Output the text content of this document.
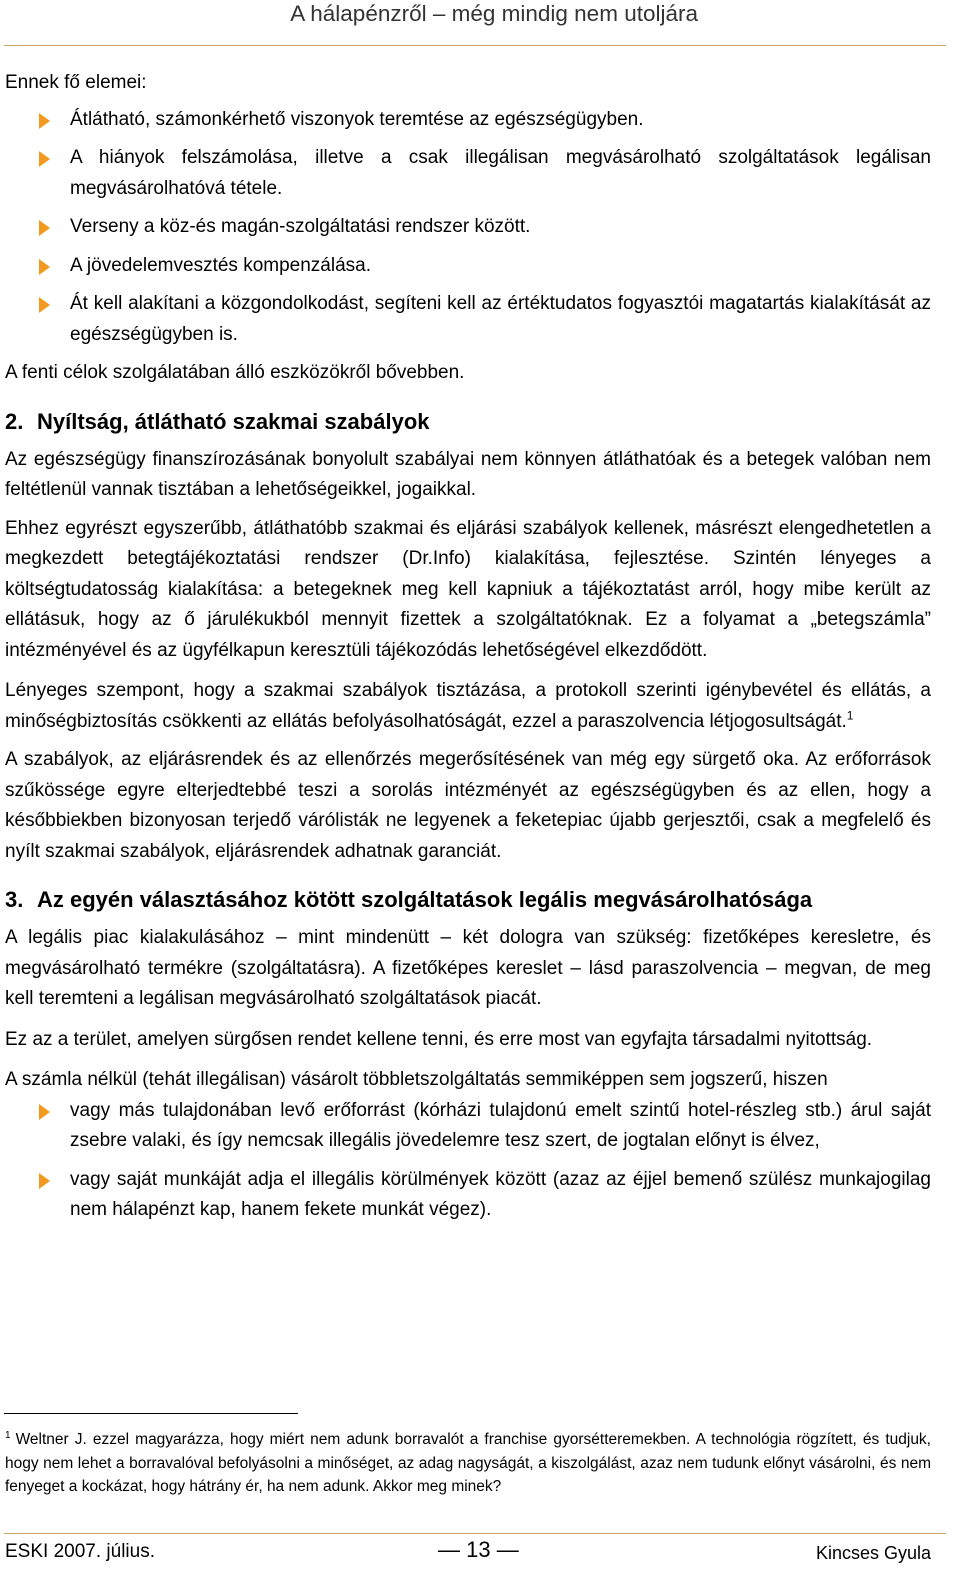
A hálapénzről – még mindig nem utoljára

Ennek fő elemei:

Átlátható, számonkérhető viszonyok teremtése az egészségügyben.
A hiányok felszámolása, illetve a csak illegálisan megvásárolható szolgáltatások legálisan megvásárolhatóvá tétele.
Verseny a köz-és magán-szolgáltatási rendszer között.
A jövedelemvesztés kompenzálása.
Át kell alakítani a közgondolkodást, segíteni kell az értéktudatos fogyasztói magatartás kialakítását az egészségügyben is.

A fenti célok szolgálatában álló eszközökről bővebben.

2. Nyíltság, átlátható szakmai szabályok

Az egészségügy finanszírozásának bonyolult szabályai nem könnyen átláthatóak és a betegek valóban nem feltétlenül vannak tisztában a lehetőségeikkel, jogaikkal.

Ehhez egyrészt egyszerűbb, átláthatóbb szakmai és eljárási szabályok kellenek, másrészt elengedhetetlen a megkezdett betegtájékoztatási rendszer (Dr.Info) kialakítása, fejlesztése. Szintén lényeges a költségtudatosság kialakítása: a betegeknek meg kell kapniuk a tájékoztatást arról, hogy mibe került az ellátásuk, hogy az ő járulékukból mennyit fizettek a szolgáltatóknak. Ez a folyamat a „betegszámla” intézményével és az ügyfélkapun keresztüli tájékozódás lehetőségével elkezdődött.

Lényeges szempont, hogy a szakmai szabályok tisztázása, a protokoll szerinti igénybevétel és ellátás, a minőségbiztosítás csökkenti az ellátás befolyásolhatóságát, ezzel a paraszolvencia létjogosultságát.$^1$

A szabályok, az eljárásrendek és az ellenőrzés megerősítésének van még egy sürgető oka. Az erőforrások szűkössége egyre elterjedtebbé teszi a sorolás intézményét az egészségügyben és az ellen, hogy a későbbiekben bizonyosan terjedő várólisták ne legyenek a feketepiac újabb gerjesztői, csak a megfelelő és nyílt szakmai szabályok, eljárásrendek adhatnak garanciát.

3. Az egyén választásához kötött szolgáltatások legális megvásárolhatósága

A legális piac kialakulásához – mint mindenütt – két dologra van szükség: fizetőképes keresletre, és megvásárolható termékre (szolgáltatásra). A fizetőképes kereslet – lásd paraszolvencia – megvan, de meg kell teremteni a legálisan megvásárolható szolgáltatások piacát.

Ez az a terület, amelyen sürgősen rendet kellene tenni, és erre most van egyfajta társadalmi nyitottság.

A számla nélkül (tehát illegálisan) vásárolt többletszolgáltatás semmiképpen sem jogszerű, hiszen

vagy más tulajdonában levő erőforrást (kórházi tulajdonú emelt szintű hotel-részleg stb.) árul saját zsebre valaki, és így nemcsak illegális jövedelemre tesz szert, de jogtalan előnyt is élvez,
vagy saját munkáját adja el illegális körülmények között (azaz az éjjel bemenő szülész munkajogilag nem hálapénzt kap, hanem fekete munkát végez).
$^1$ Weltner J. ezzel magyarázza, hogy miért nem adunk borravalót a franchise gyorsétteremekben. A technológia rögzített, és tudjuk, hogy nem lehet a borravalóval befolyásolni a minőséget, az adag nagyságát, a kiszolgálást, azaz nem tudunk előnyt vásárolni, és nem fenyeget a kockázat, hogy hátrány ér, ha nem adunk. Akkor meg minek?
ESKI 2007. július.	— 13 —	Kincses Gyula
